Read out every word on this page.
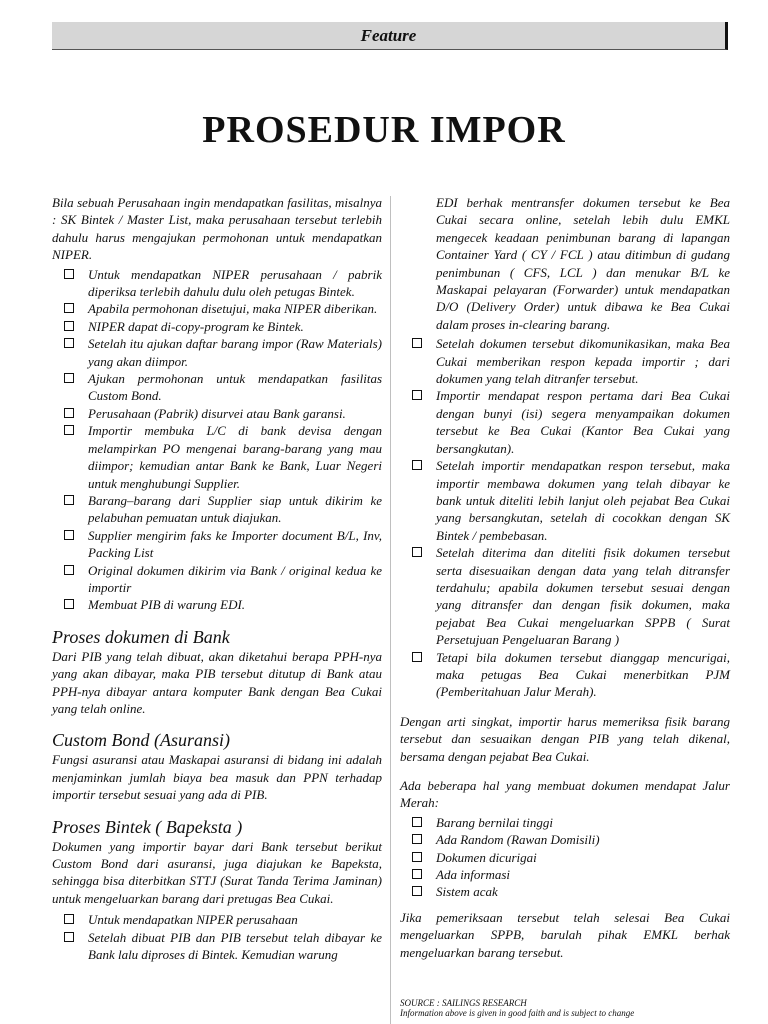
Feature
PROSEDUR IMPOR

Bila sebuah Perusahaan ingin mendapatkan fasilitas, misalnya : SK Bintek / Master List, maka perusahaan tersebut terlebih dahulu harus mengajukan permohonan untuk mendapatkan NIPER.

Untuk mendapatkan NIPER perusahaan / pabrik diperiksa terlebih dahulu dulu oleh petugas Bintek.
Apabila permohonan disetujui, maka NIPER diberikan.
NIPER dapat di-copy-program ke Bintek.
Setelah itu ajukan daftar barang impor (Raw Materials) yang akan diimpor.
Ajukan permohonan untuk mendapatkan fasilitas Custom Bond.
Perusahaan (Pabrik) disurvei atau Bank garansi.
Importir membuka L/C di bank devisa dengan melampirkan PO mengenai barang-barang yang mau diimpor; kemudian antar Bank ke Bank, Luar Negeri untuk menghubungi Supplier.
Barang–barang dari Supplier siap untuk dikirim ke pelabuhan pemuatan untuk diajukan.
Supplier mengirim faks ke Importer document B/L, Inv, Packing List
Original dokumen dikirim via Bank / original kedua ke importir
Membuat PIB di warung EDI.
Proses dokumen di Bank

Dari PIB yang telah dibuat, akan diketahui berapa PPH-nya yang akan dibayar, maka PIB tersebut ditutup di Bank atau PPH-nya dibayar antara komputer Bank dengan Bea Cukai yang telah online.

Custom Bond (Asuransi)

Fungsi asuransi atau Maskapai asuransi di bidang ini adalah menjaminkan jumlah biaya bea masuk dan PPN terhadap importir tersebut sesuai yang ada di PIB.

Proses Bintek ( Bapeksta )

Dokumen yang importir bayar dari Bank tersebut berikut Custom Bond dari asuransi, juga diajukan ke Bapeksta, sehingga bisa diterbitkan STTJ (Surat Tanda Terima Jaminan) untuk mengeluarkan barang dari pretugas Bea Cukai.

Untuk mendapatkan NIPER perusahaan
Setelah dibuat PIB dan PIB tersebut telah dibayar ke Bank lalu diproses di Bintek. Kemudian warung

EDI berhak mentransfer dokumen tersebut ke Bea Cukai secara online, setelah lebih dulu EMKL mengecek keadaan penimbunan barang di lapangan Container Yard ( CY / FCL ) atau ditimbun di gudang penimbunan ( CFS, LCL ) dan menukar B/L ke Maskapai pelayaran (Forwarder) untuk mendapatkan D/O (Delivery Order) untuk dibawa ke Bea Cukai dalam proses in-clearing barang.

Setelah dokumen tersebut dikomunikasikan, maka Bea Cukai memberikan respon kepada importir ; dari dokumen yang telah ditranfer tersebut.
Importir mendapat respon pertama dari Bea Cukai dengan bunyi (isi) segera menyampaikan dokumen tersebut ke Bea Cukai (Kantor Bea Cukai yang bersangkutan).
Setelah importir mendapatkan respon tersebut, maka importir membawa dokumen yang telah dibayar ke bank untuk diteliti lebih lanjut oleh pejabat Bea Cukai yang bersangkutan, setelah di cocokkan dengan SK Bintek / pembebasan.
Setelah diterima dan diteliti fisik dokumen tersebut serta disesuaikan dengan data yang telah ditransfer terdahulu; apabila dokumen tersebut sesuai dengan yang ditransfer dan dengan fisik dokumen, maka pejabat Bea Cukai mengeluarkan SPPB ( Surat Persetujuan Pengeluaran Barang )
Tetapi bila dokumen tersebut dianggap mencurigai, maka petugas Bea Cukai menerbitkan PJM (Pemberitahuan Jalur Merah).

Dengan arti singkat, importir harus memeriksa fisik barang tersebut dan sesuaikan dengan PIB yang telah dikenal, bersama dengan pejabat Bea Cukai.

Ada beberapa hal yang membuat dokumen mendapat Jalur Merah:

Barang bernilai tinggi
Ada Random (Rawan Domisili)
Dokumen dicurigai
Ada informasi
Sistem acak

Jika pemeriksaan tersebut telah selesai Bea Cukai mengeluarkan SPPB, barulah pihak EMKL berhak mengeluarkan barang tersebut.

SOURCE : SAILINGS RESEARCH
Information above is given in good faith and is subject to change
